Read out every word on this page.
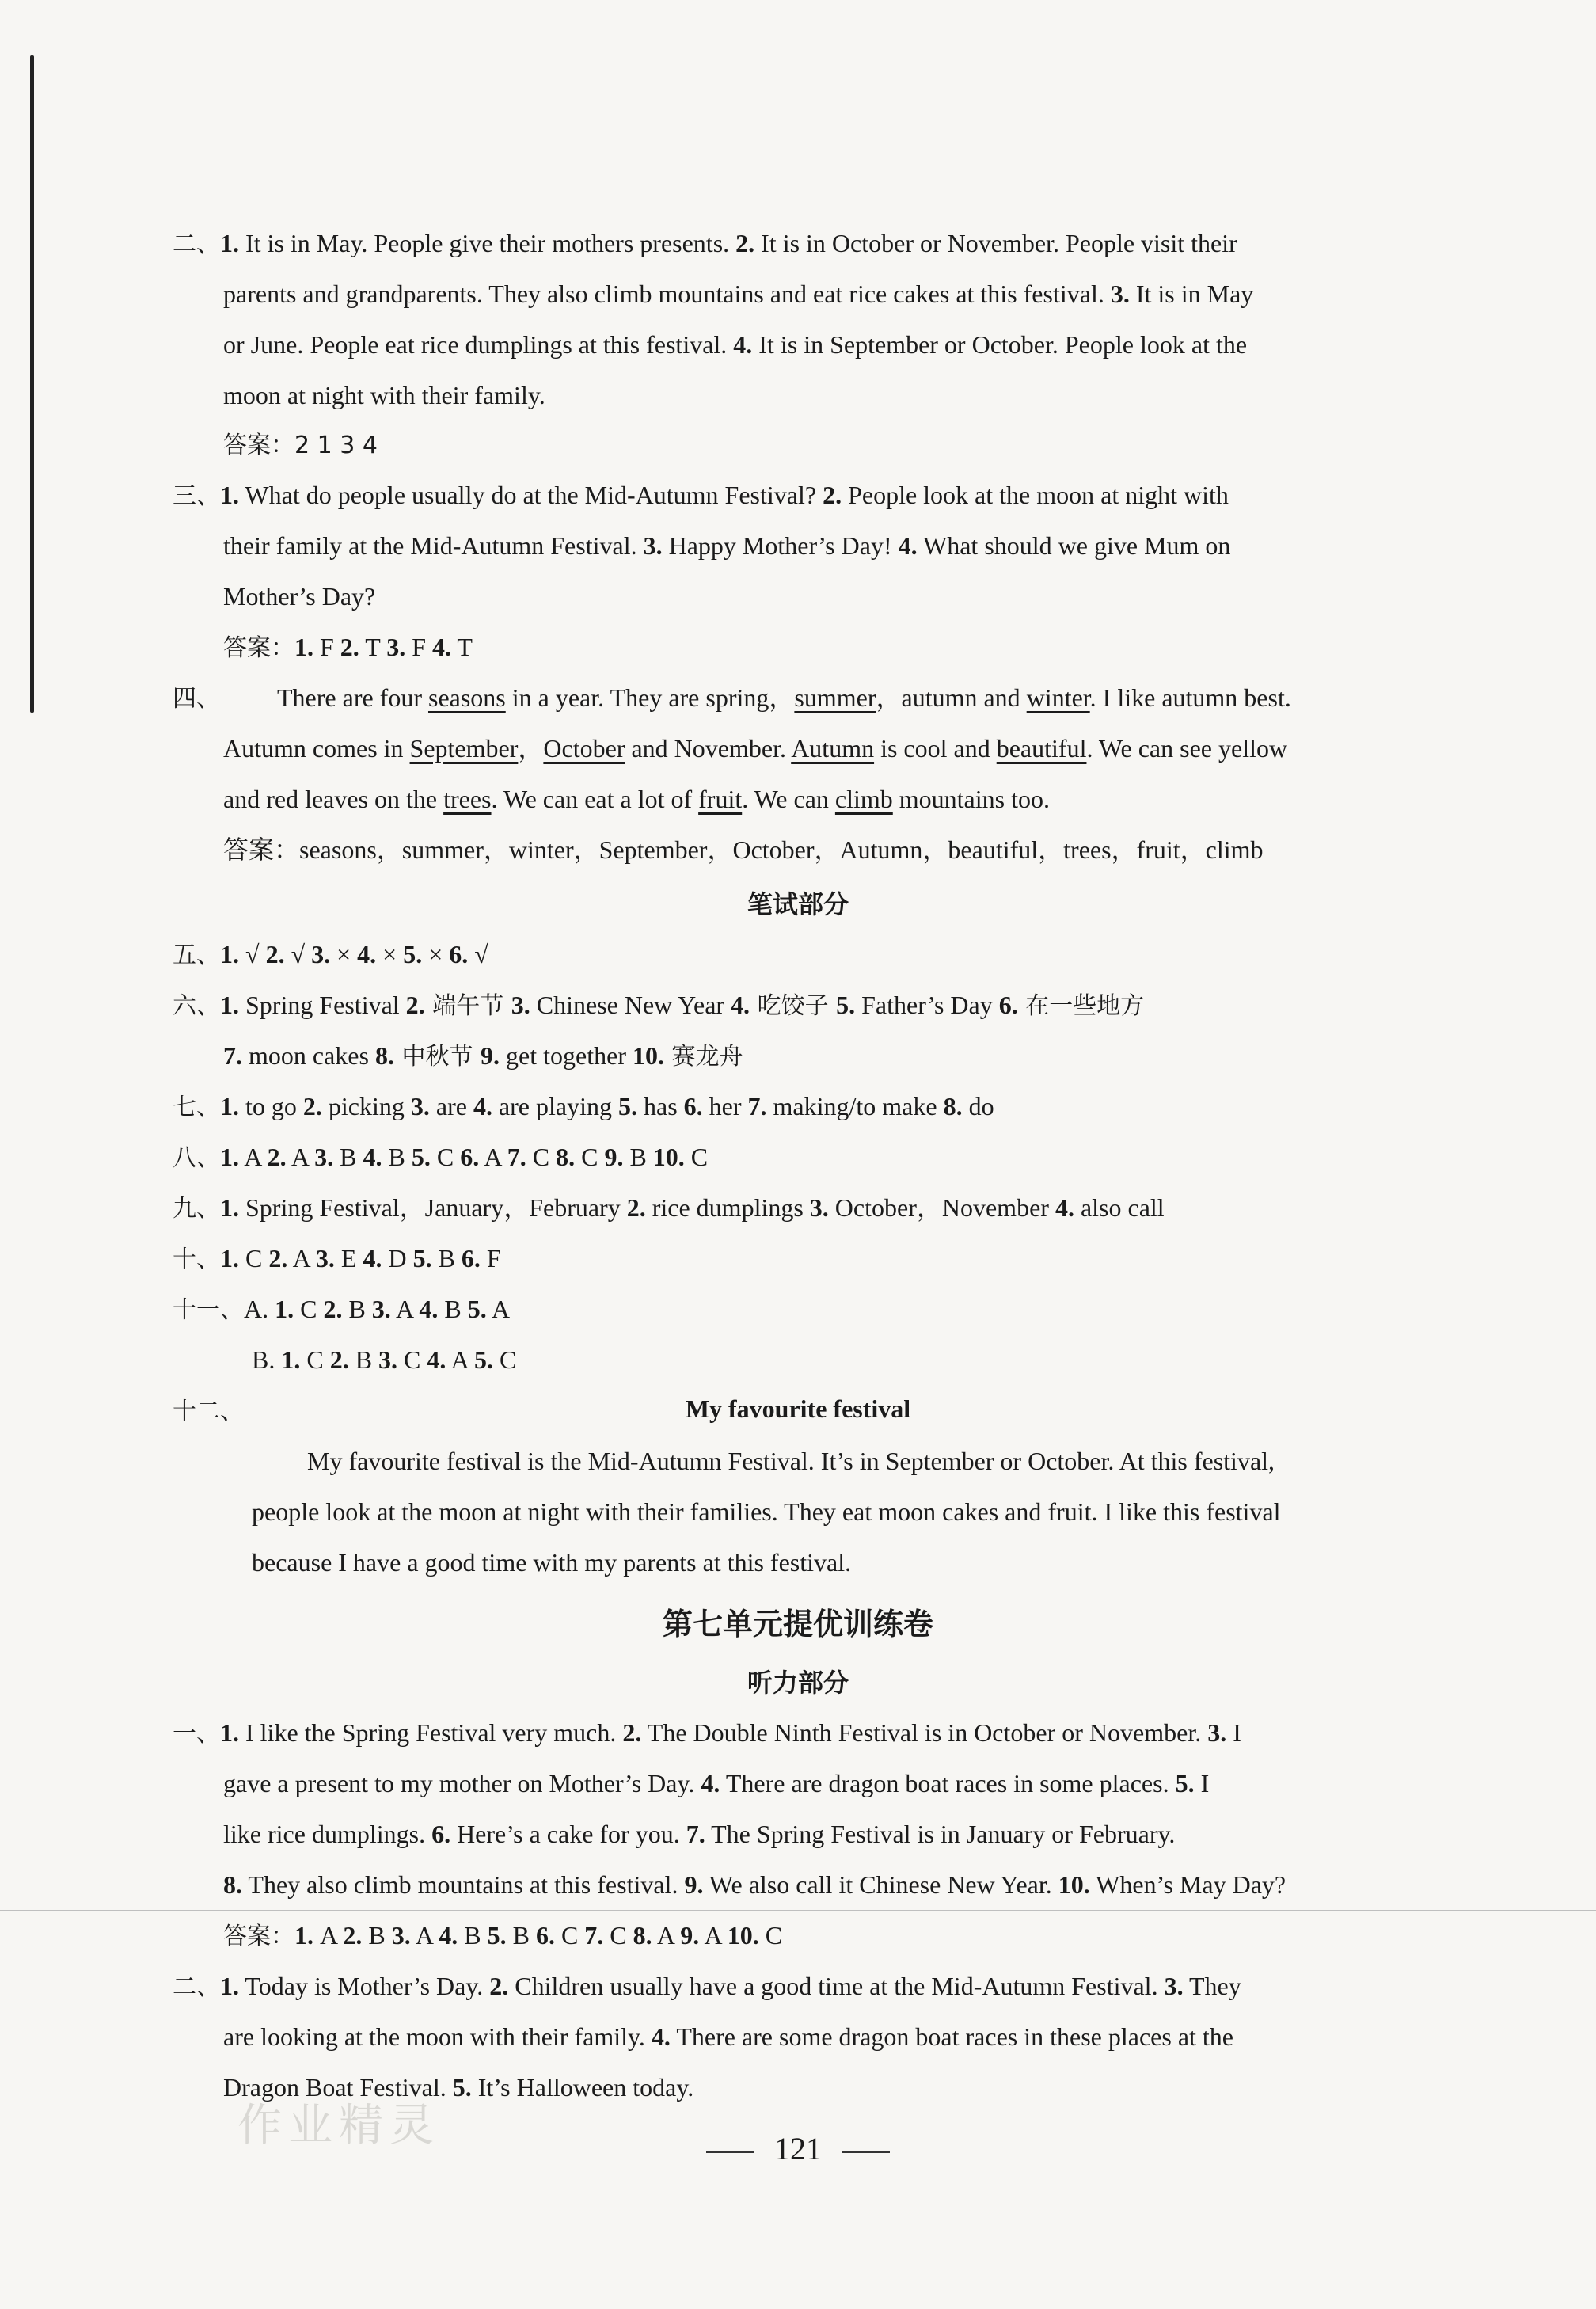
二、1. It is in May. People give their mothers presents. 2. It is in October or November. People visit their
parents and grandparents. They also climb mountains and eat rice cakes at this festival. 3. It is in May
or June. People eat rice dumplings at this festival. 4. It is in September or October. People look at the
moon at night with their family.
答案：2 1 3 4
三、1. What do people usually do at the Mid-Autumn Festival? 2. People look at the moon at night with
their family at the Mid-Autumn Festival. 3. Happy Mother’s Day! 4. What should we give Mum on
Mother’s Day?
答案：1. F 2. T 3. F 4. T
四、 There are four seasons in a year. They are spring，summer，autumn and winter. I like autumn best.
Autumn comes in September，October and November. Autumn is cool and beautiful. We can see yellow
and red leaves on the trees. We can eat a lot of fruit. We can climb mountains too.
答案：seasons，summer，winter，September，October，Autumn，beautiful，trees，fruit，climb
笔试部分
五、1. √ 2. √ 3. × 4. × 5. × 6. √
六、1. Spring Festival 2. 端午节 3. Chinese New Year 4. 吃饺子 5. Father’s Day 6. 在一些地方
7. moon cakes 8. 中秋节 9. get together 10. 赛龙舟
七、1. to go 2. picking 3. are 4. are playing 5. has 6. her 7. making/to make 8. do
八、1. A 2. A 3. B 4. B 5. C 6. A 7. C 8. C 9. B 10. C
九、1. Spring Festival，January，February 2. rice dumplings 3. October，November 4. also call
十、1. C 2. A 3. E 4. D 5. B 6. F
十一、A. 1. C 2. B 3. A 4. B 5. A
B. 1. C 2. B 3. C 4. A 5. C
十二、	My favourite festival
My favourite festival is the Mid-Autumn Festival. It’s in September or October. At this festival,
people look at the moon at night with their families. They eat moon cakes and fruit. I like this festival
because I have a good time with my parents at this festival.
第七单元提优训练卷
听力部分
一、1. I like the Spring Festival very much. 2. The Double Ninth Festival is in October or November. 3. I
gave a present to my mother on Mother’s Day. 4. There are dragon boat races in some places. 5. I
like rice dumplings. 6. Here’s a cake for you. 7. The Spring Festival is in January or February.
8. They also climb mountains at this festival. 9. We also call it Chinese New Year. 10. When’s May Day?
答案：1. A 2. B 3. A 4. B 5. B 6. C 7. C 8. A 9. A 10. C
二、1. Today is Mother’s Day. 2. Children usually have a good time at the Mid-Autumn Festival. 3. They
are looking at the moon with their family. 4. There are some dragon boat races in these places at the
Dragon Boat Festival. 5. It’s Halloween today.
作业精灵	121
